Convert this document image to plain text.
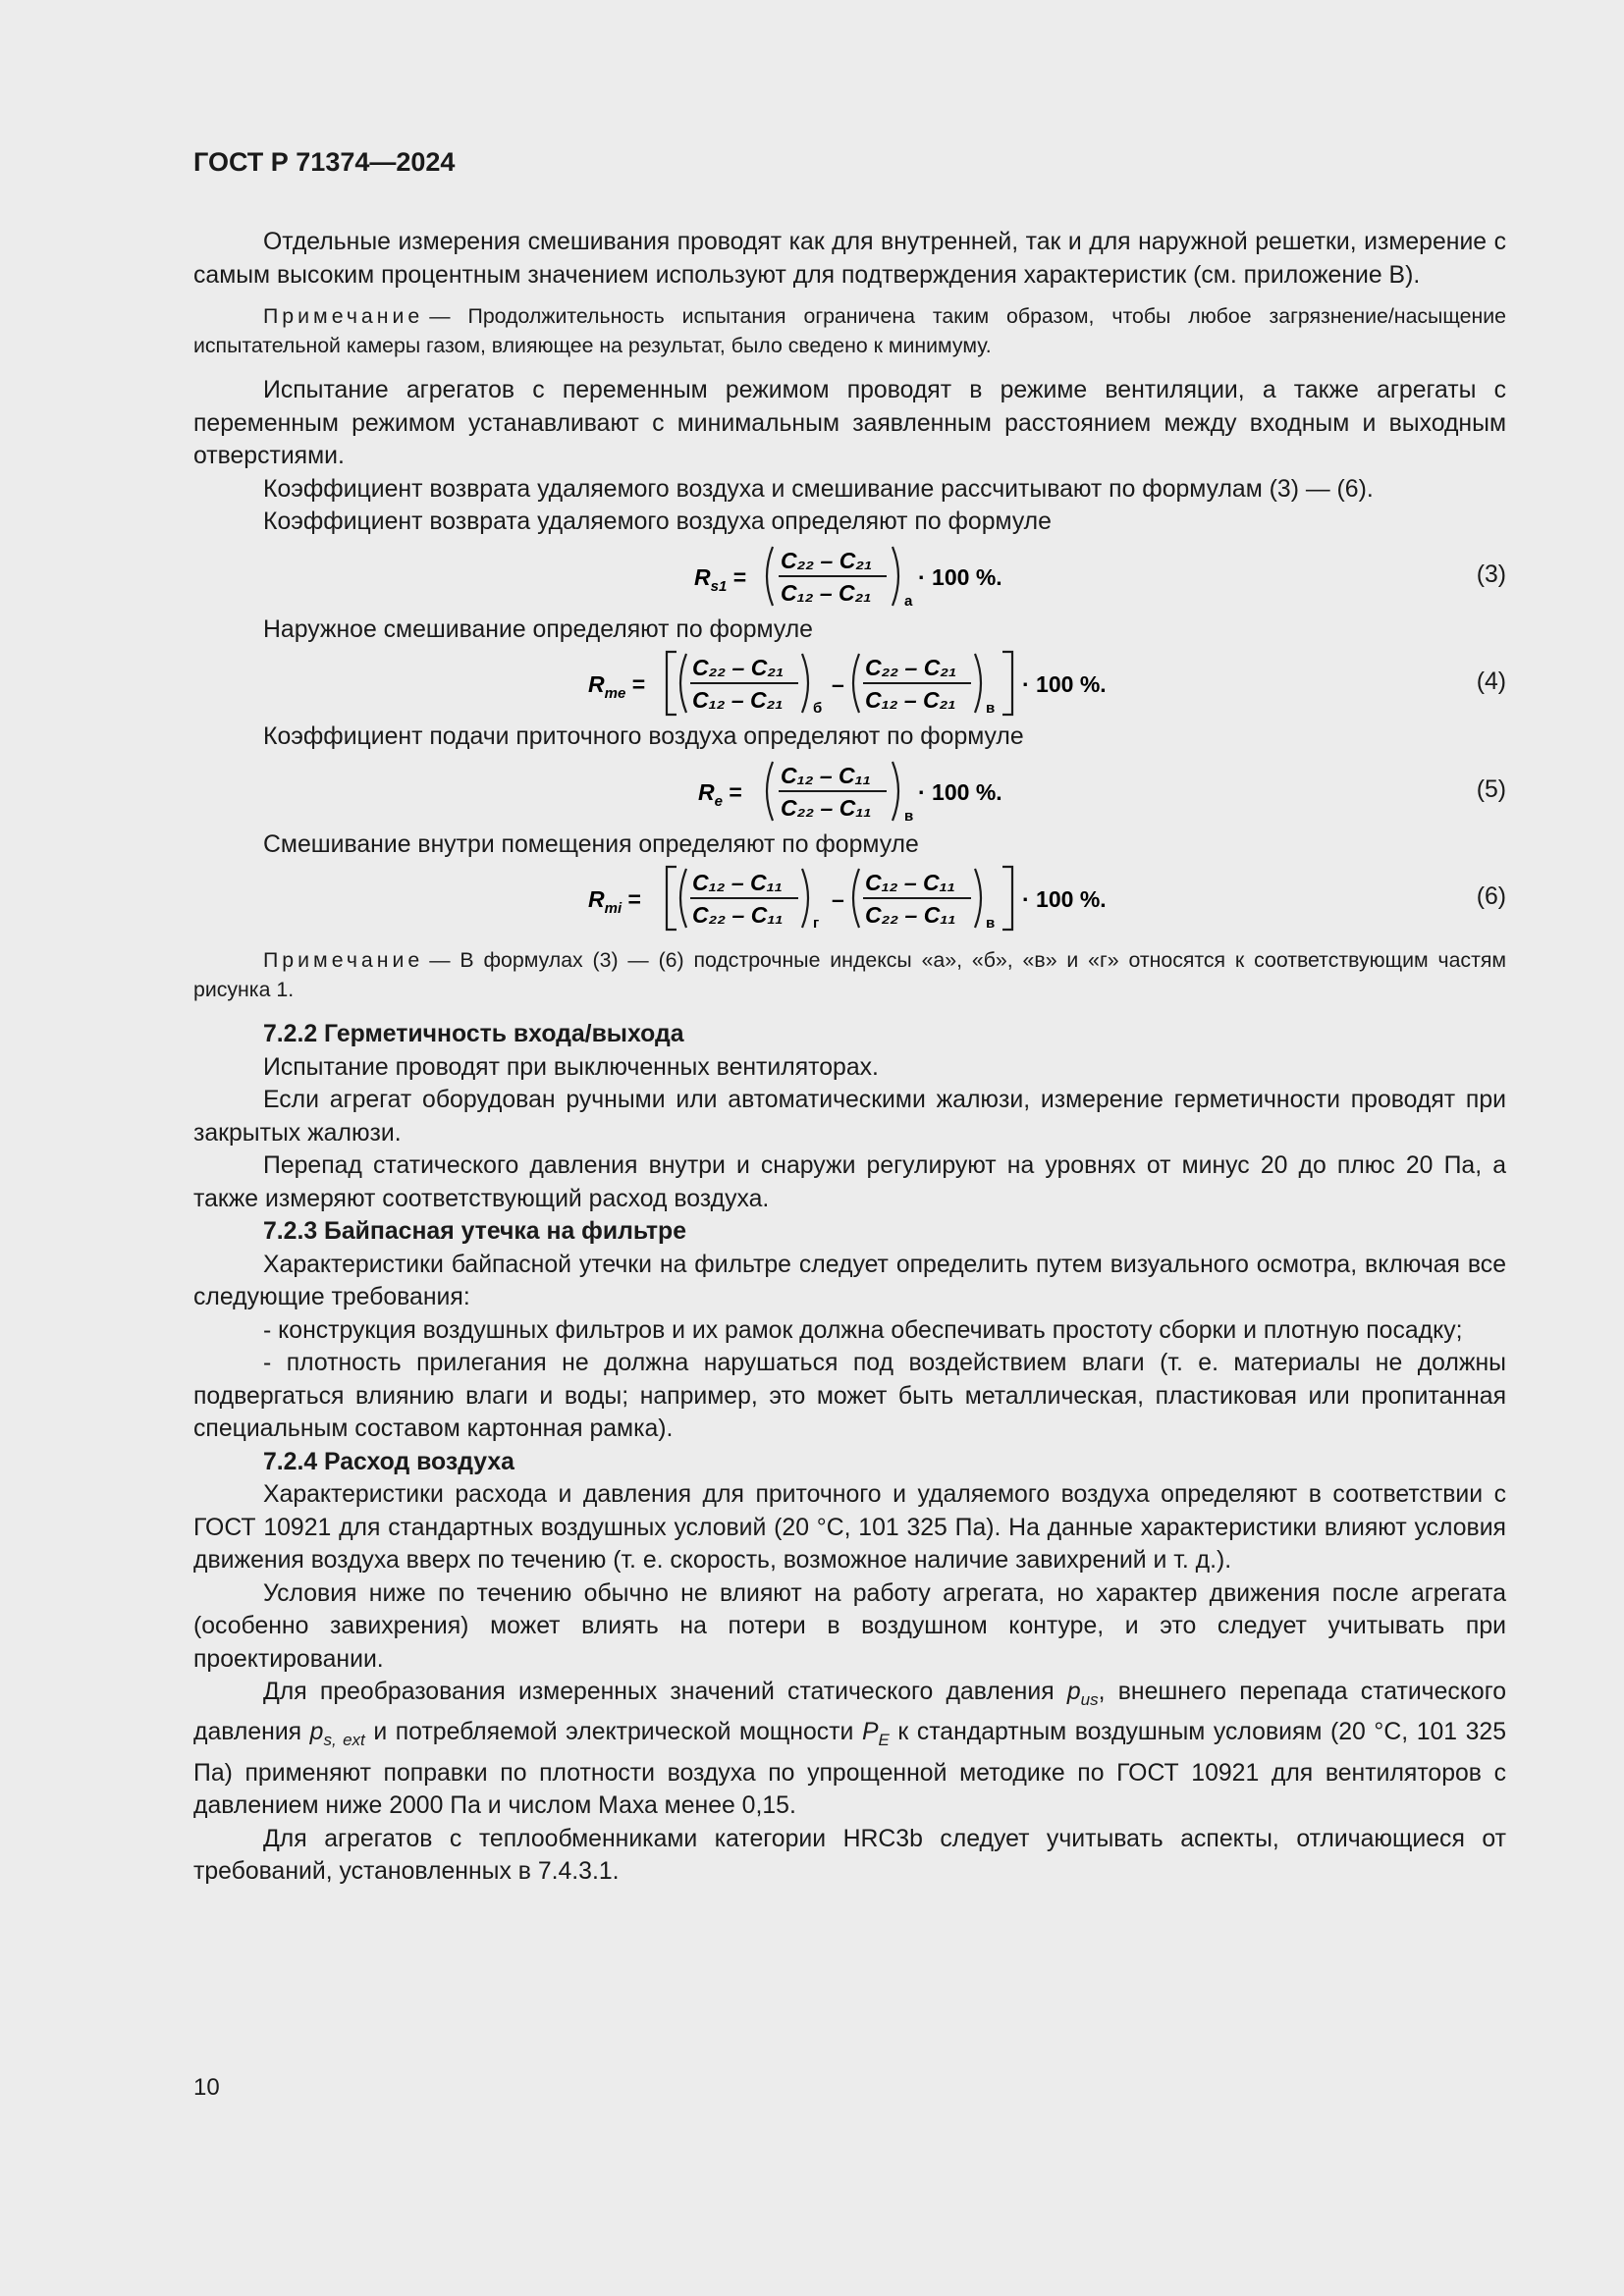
ГОСТ Р 71374—2024

Отдельные измерения смешивания проводят как для внутренней, так и для наружной решетки, измерение с самым высоким процентным значением используют для подтверждения характеристик (см. приложение В).

Примечание — Продолжительность испытания ограничена таким образом, чтобы любое загрязнение/насыщение испытательной камеры газом, влияющее на результат, было сведено к минимуму.

Испытание агрегатов с переменным режимом проводят в режиме вентиляции, а также агрегаты с переменным режимом устанавливают с минимальным заявленным расстоянием между входным и выходным отверстиями.

Коэффициент возврата удаляемого воздуха и смешивание рассчитывают по формулам (3) — (6).

Коэффициент возврата удаляемого воздуха определяют по формуле

$R_{s1}$ =
C₂₂ – C₂₁
C₁₂ – C₂₁ а
· 100 %.	(3)

Наружное смешивание определяют по формуле

$R_{me}$ =
C₂₂ – C₂₁
C₁₂ – C₂₁ б
–
C₂₂ – C₂₁
C₁₂ – C₂₁ в
· 100 %.	(4)

Коэффициент подачи приточного воздуха определяют по формуле

$R_e$ =
C₁₂ – C₁₁
C₂₂ – C₁₁ в
· 100 %.	(5)

Смешивание внутри помещения определяют по формуле

$R_{mi}$ =
C₁₂ – C₁₁
C₂₂ – C₁₁ г
–
C₁₂ – C₁₁
C₂₂ – C₁₁ в
· 100 %.	(6)

Примечание — В формулах (3) — (6) подстрочные индексы «а», «б», «в» и «г» относятся к соответствующим частям рисунка 1.

7.2.2 Герметичность входа/выхода

Испытание проводят при выключенных вентиляторах.

Если агрегат оборудован ручными или автоматическими жалюзи, измерение герметичности проводят при закрытых жалюзи.

Перепад статического давления внутри и снаружи регулируют на уровнях от минус 20 до плюс 20 Па, а также измеряют соответствующий расход воздуха.

7.2.3 Байпасная утечка на фильтре

Характеристики байпасной утечки на фильтре следует определить путем визуального осмотра, включая все следующие требования:

- конструкция воздушных фильтров и их рамок должна обеспечивать простоту сборки и плотную посадку;

- плотность прилегания не должна нарушаться под воздействием влаги (т. е. материалы не должны подвергаться влиянию влаги и воды; например, это может быть металлическая, пластиковая или пропитанная специальным составом картонная рамка).

7.2.4 Расход воздуха

Характеристики расхода и давления для приточного и удаляемого воздуха определяют в соответствии с ГОСТ 10921 для стандартных воздушных условий (20 °С, 101 325 Па). На данные характеристики влияют условия движения воздуха вверх по течению (т. е. скорость, возможное наличие завихрений и т. д.).

Условия ниже по течению обычно не влияют на работу агрегата, но характер движения после агрегата (особенно завихрения) может влиять на потери в воздушном контуре, и это следует учитывать при проектировании.

Для преобразования измеренных значений статического давления $p_{us}$, внешнего перепада статического давления $p_{s, ext}$ и потребляемой электрической мощности $P_E$ к стандартным воздушным условиям (20 °С, 101 325 Па) применяют поправки по плотности воздуха по упрощенной методике по ГОСТ 10921 для вентиляторов с давлением ниже 2000 Па и числом Маха менее 0,15.

Для агрегатов с теплообменниками категории HRC3b следует учитывать аспекты, отличающиеся от требований, установленных в 7.4.3.1.

10
